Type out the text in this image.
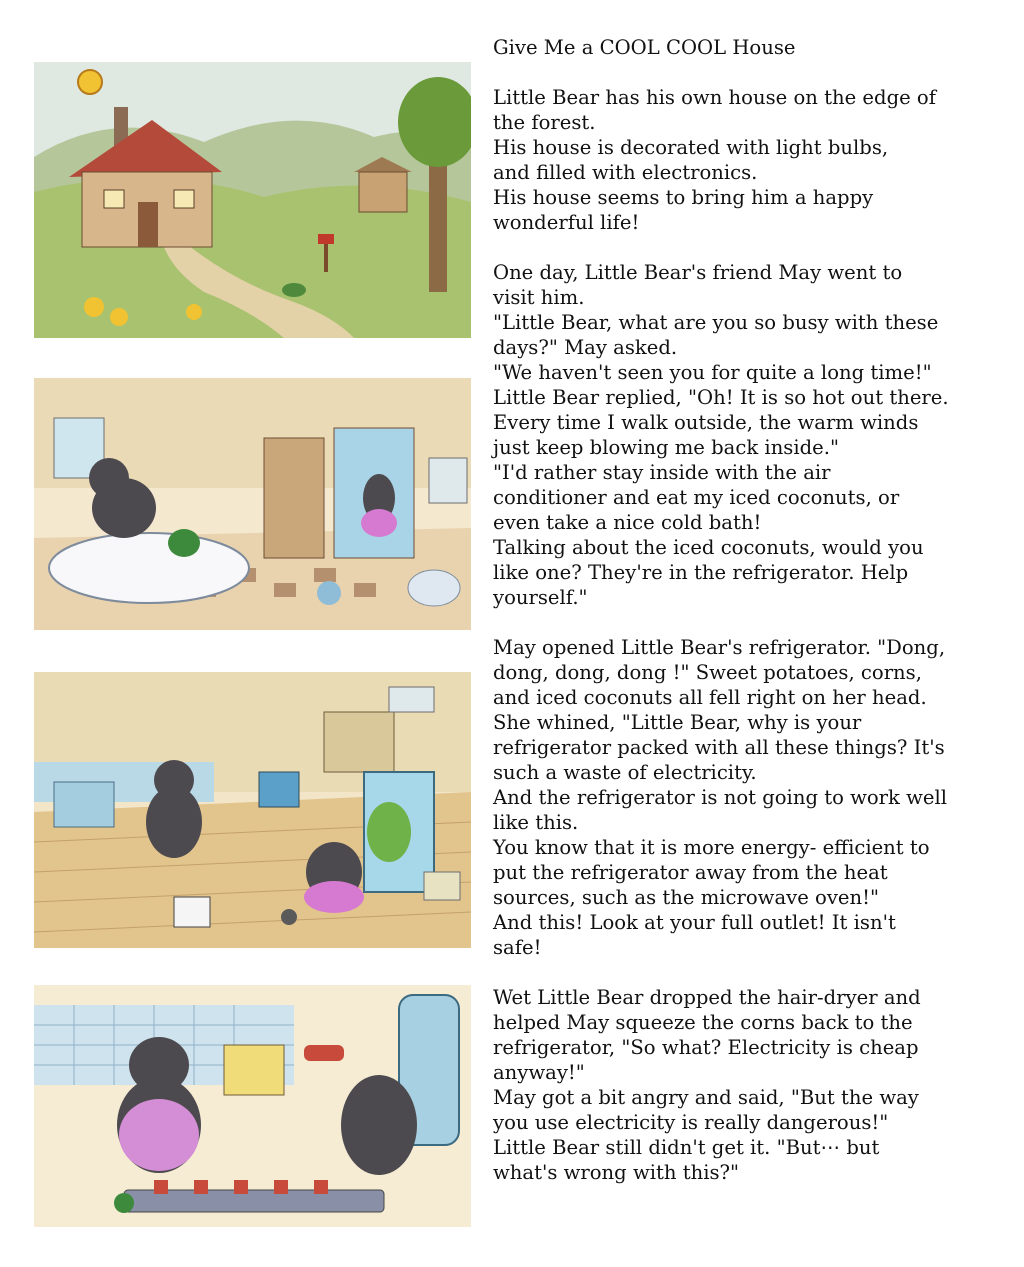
Give Me a COOL COOL House

Little Bear has his own house on the edge of

the forest.

His house is decorated with light bulbs,

and filled with electronics.

His house seems to bring him a happy

wonderful life!

One day, Little Bear's friend May went to

visit him.

"Little Bear, what are you so busy with these

days?" May asked.

"We haven't seen you for quite a long time!"

Little Bear replied, "Oh! It is so hot out there.

Every time I walk outside, the warm winds

just keep blowing me back inside."

"I'd rather stay inside with the air

conditioner and eat my iced coconuts, or

even take a nice cold bath!

Talking about the iced coconuts, would you

like one? They're in the refrigerator. Help

yourself."

May opened Little Bear's refrigerator. "Dong,

dong, dong, dong !" Sweet potatoes, corns,

and iced coconuts all fell right on her head.

She whined, "Little Bear, why is your

refrigerator packed with all these things? It's

such a waste of electricity.

And the refrigerator is not going to work well

like this.

You know that it is more energy- efficient to

put the refrigerator away from the heat

sources, such as the microwave oven!"

And this! Look at your full outlet! It isn't

safe!

Wet Little Bear dropped the hair-dryer and

helped May squeeze the corns back to the

refrigerator, "So what? Electricity is cheap

anyway!"

May got a bit angry and said, "But the way

you use electricity is really dangerous!"

Little Bear still didn't get it. "But⋯ but

what's wrong with this?"
